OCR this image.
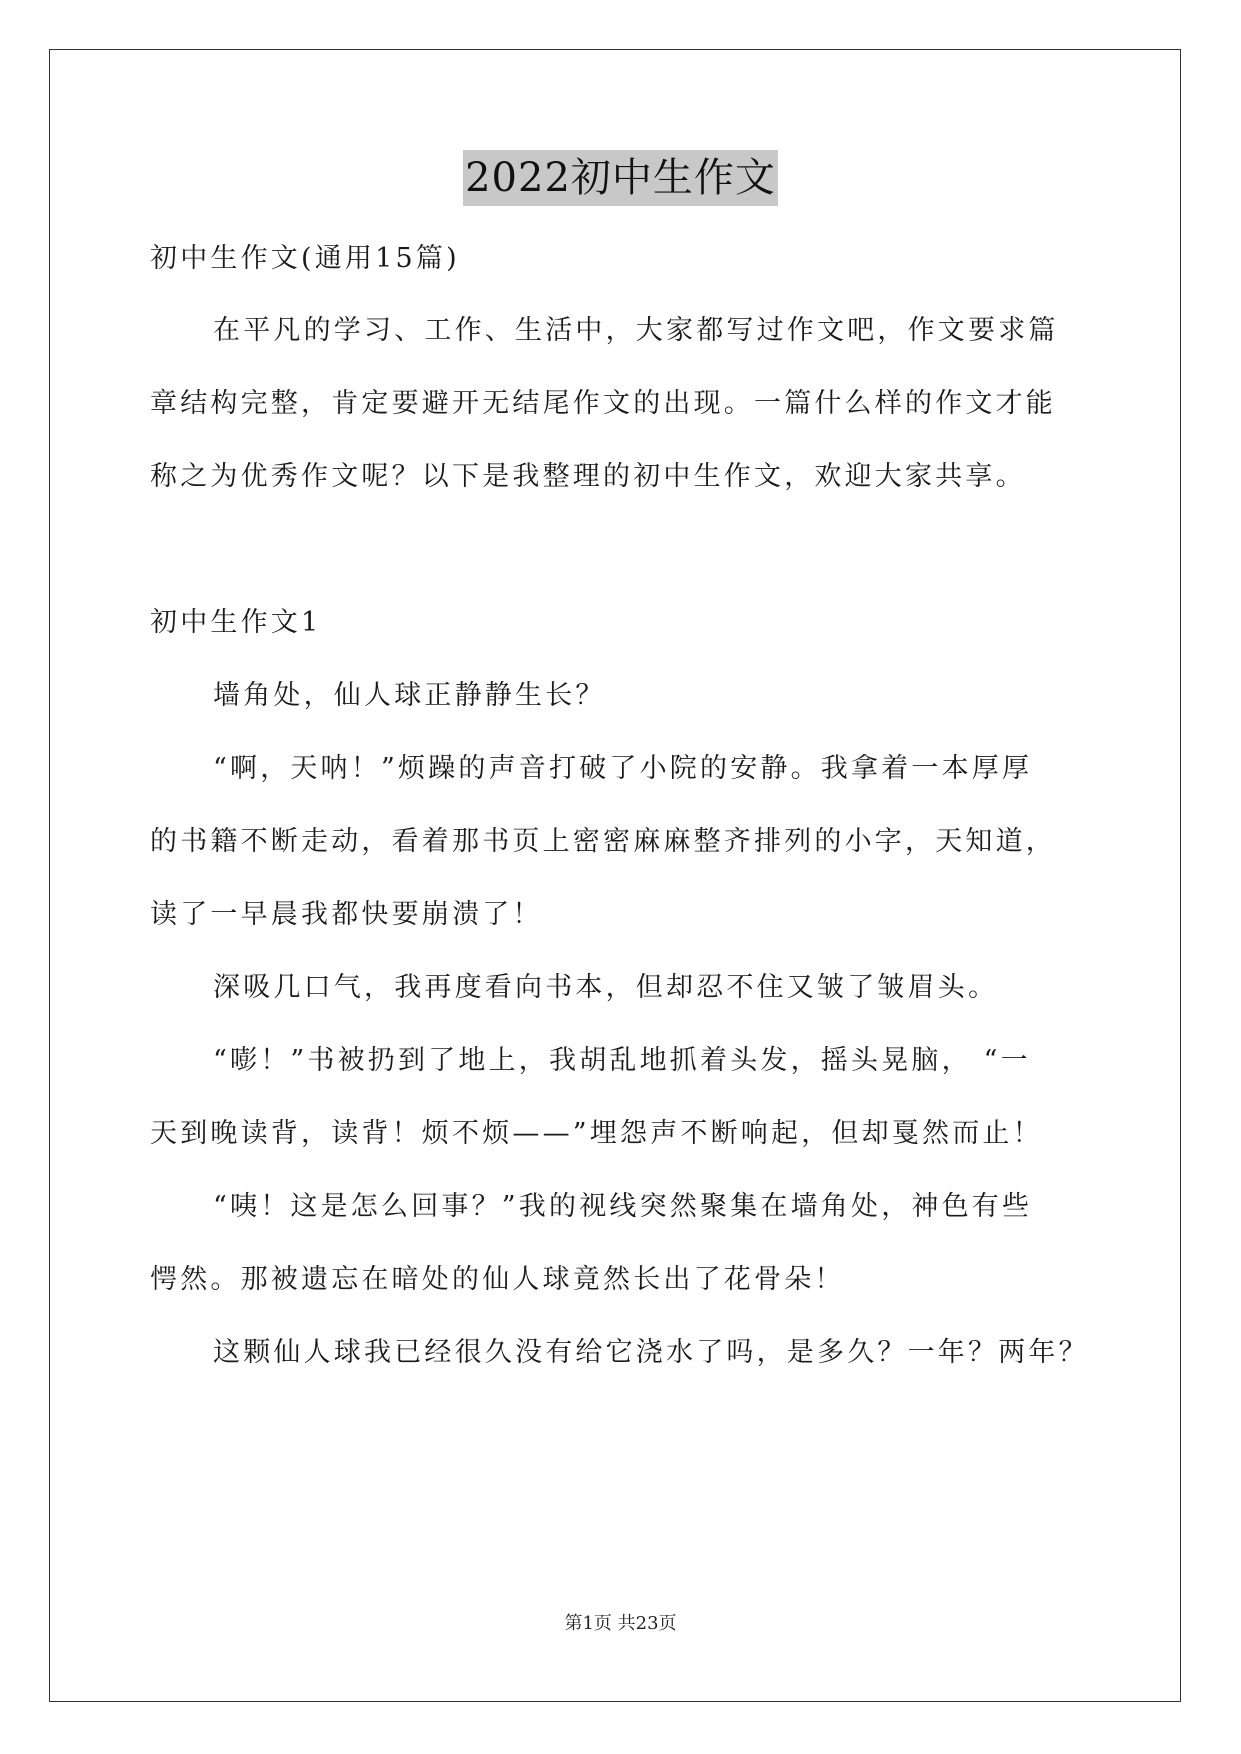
2022初中生作文
初中生作文(通用15篇)
在平凡的学习、工作、生活中，大家都写过作文吧，作文要求篇
章结构完整，肯定要避开无结尾作文的出现。一篇什么样的作文才能
称之为优秀作文呢？以下是我整理的初中生作文，欢迎大家共享。
初中生作文1
墙角处，仙人球正静静生长？
“啊，天呐！”烦躁的声音打破了小院的安静。我拿着一本厚厚
的书籍不断走动，看着那书页上密密麻麻整齐排列的小字，天知道，
读了一早晨我都快要崩溃了！
深吸几口气，我再度看向书本，但却忍不住又皱了皱眉头。
“嘭！”书被扔到了地上，我胡乱地抓着头发，摇头晃脑， “一
天到晚读背，读背！烦不烦——”埋怨声不断响起，但却戛然而止！
“咦！这是怎么回事？”我的视线突然聚集在墙角处，神色有些
愕然。那被遗忘在暗处的仙人球竟然长出了花骨朵！
这颗仙人球我已经很久没有给它浇水了吗，是多久？一年？两年？
第1页 共23页
